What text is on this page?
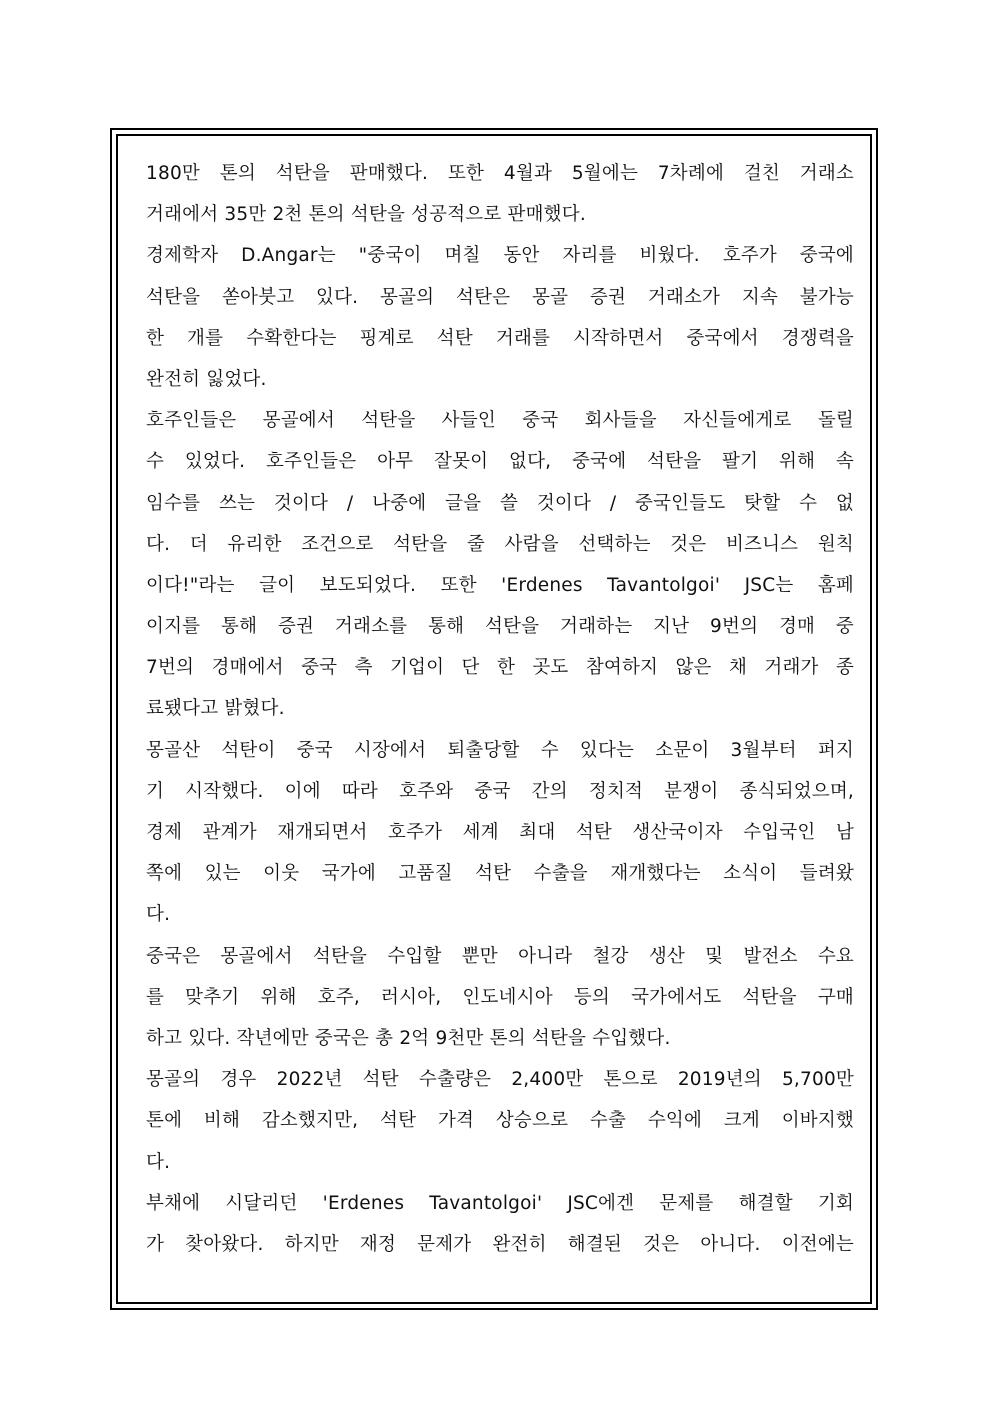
180만 톤의 석탄을 판매했다. 또한 4월과 5월에는 7차례에 걸친 거래소
거래에서 35만 2천 톤의 석탄을 성공적으로 판매했다.
경제학자 D.Angar는 "중국이 며칠 동안 자리를 비웠다. 호주가 중국에
석탄을 쏟아붓고 있다. 몽골의 석탄은 몽골 증권 거래소가 지속 불가능
한 개를 수확한다는 핑계로 석탄 거래를 시작하면서 중국에서 경쟁력을
완전히 잃었다.
호주인들은 몽골에서 석탄을 사들인 중국 회사들을 자신들에게로 돌릴
수 있었다. 호주인들은 아무 잘못이 없다, 중국에 석탄을 팔기 위해 속
임수를 쓰는 것이다 / 나중에 글을 쓸 것이다 / 중국인들도 탓할 수 없
다. 더 유리한 조건으로 석탄을 줄 사람을 선택하는 것은 비즈니스 원칙
이다!"라는 글이 보도되었다. 또한 'Erdenes Tavantolgoi' JSC는 홈페
이지를 통해 증권 거래소를 통해 석탄을 거래하는 지난 9번의 경매 중
7번의 경매에서 중국 측 기업이 단 한 곳도 참여하지 않은 채 거래가 종
료됐다고 밝혔다.
몽골산 석탄이 중국 시장에서 퇴출당할 수 있다는 소문이 3월부터 퍼지
기 시작했다. 이에 따라 호주와 중국 간의 정치적 분쟁이 종식되었으며,
경제 관계가 재개되면서 호주가 세계 최대 석탄 생산국이자 수입국인 남
쪽에 있는 이웃 국가에 고품질 석탄 수출을 재개했다는 소식이 들려왔
다.
중국은 몽골에서 석탄을 수입할 뿐만 아니라 철강 생산 및 발전소 수요
를 맞추기 위해 호주, 러시아, 인도네시아 등의 국가에서도 석탄을 구매
하고 있다. 작년에만 중국은 총 2억 9천만 톤의 석탄을 수입했다.
몽골의 경우 2022년 석탄 수출량은 2,400만 톤으로 2019년의 5,700만
톤에 비해 감소했지만, 석탄 가격 상승으로 수출 수익에 크게 이바지했
다.
부채에 시달리던 'Erdenes Tavantolgoi' JSC에겐 문제를 해결할 기회
가 찾아왔다. 하지만 재정 문제가 완전히 해결된 것은 아니다. 이전에는
